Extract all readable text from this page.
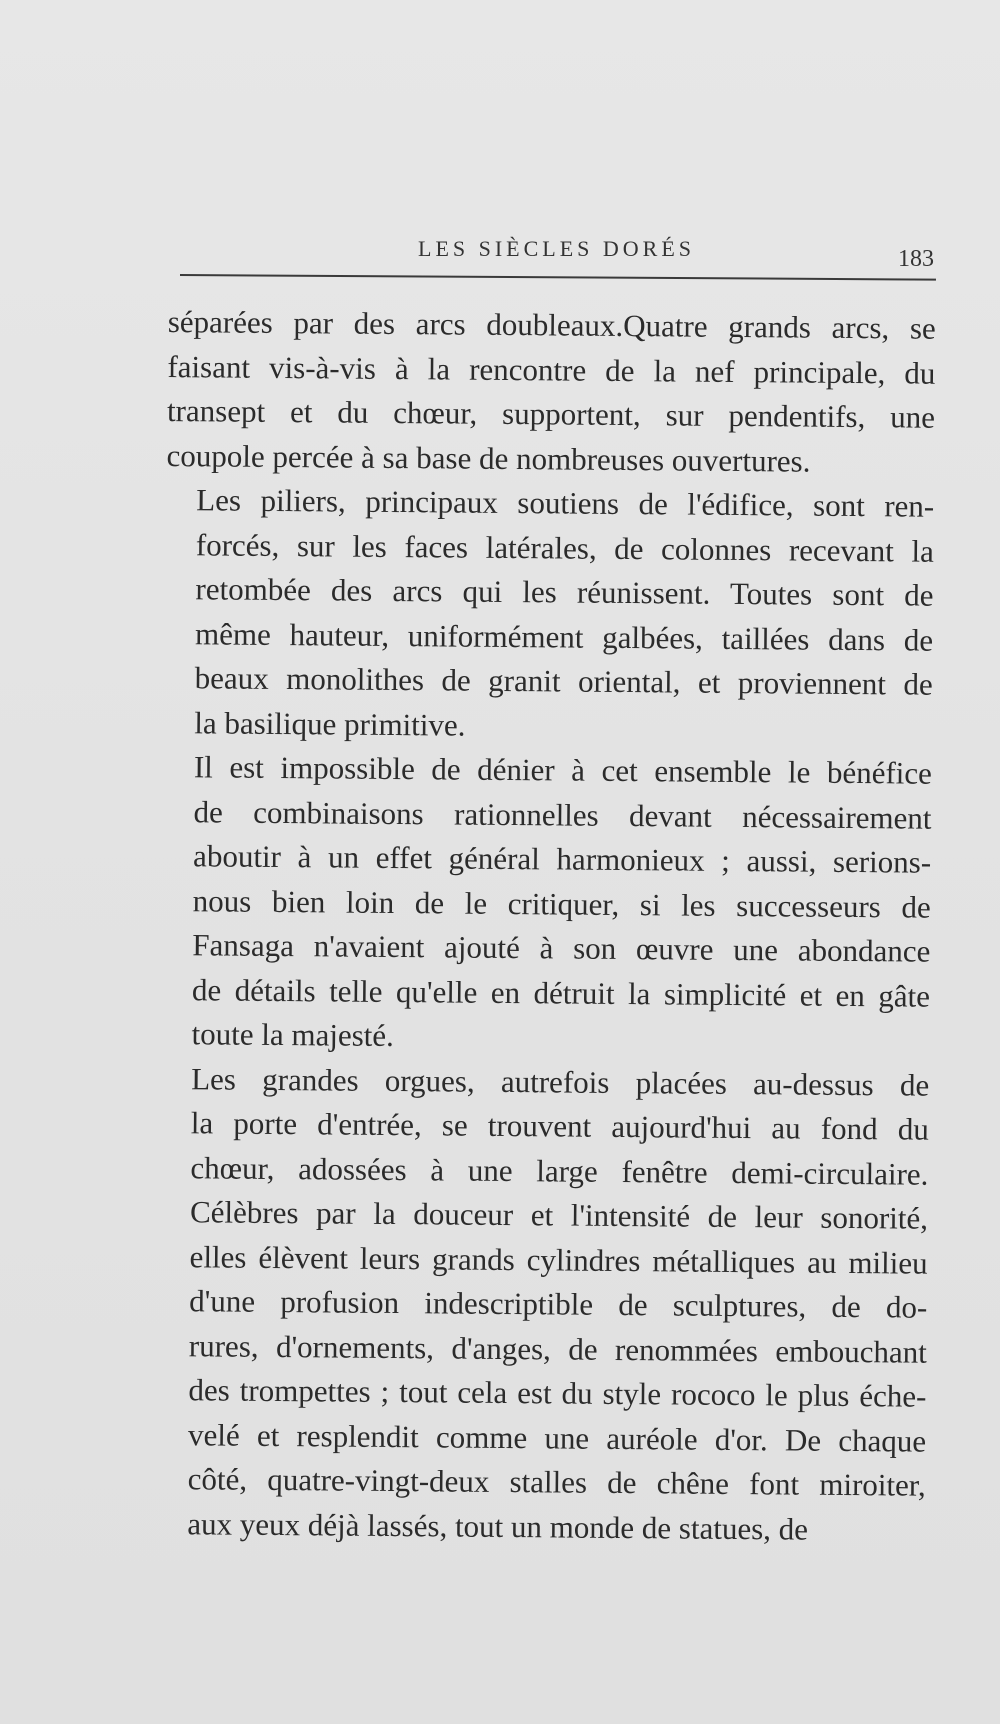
LES SIÈCLES DORÉS	183
séparées par des arcs doubleaux.Quatre grands arcs, se
faisant vis-à-vis à la rencontre de la nef principale, du
transept et du chœur, supportent, sur pendentifs, une
coupole percée à sa base de nombreuses ouvertures.
Les piliers, principaux soutiens de l'édifice, sont ren-
forcés, sur les faces latérales, de colonnes recevant la
retombée des arcs qui les réunissent. Toutes sont de
même hauteur, uniformément galbées, taillées dans de
beaux monolithes de granit oriental, et proviennent de
la basilique primitive.
Il est impossible de dénier à cet ensemble le bénéfice
de combinaisons rationnelles devant nécessairement
aboutir à un effet général harmonieux ; aussi, serions-
nous bien loin de le critiquer, si les successeurs de
Fansaga n'avaient ajouté à son œuvre une abondance
de détails telle qu'elle en détruit la simplicité et en gâte
toute la majesté.
Les grandes orgues, autrefois placées au-dessus de
la porte d'entrée, se trouvent aujourd'hui au fond du
chœur, adossées à une large fenêtre demi-circulaire.
Célèbres par la douceur et l'intensité de leur sonorité,
elles élèvent leurs grands cylindres métalliques au milieu
d'une profusion indescriptible de sculptures, de do-
rures, d'ornements, d'anges, de renommées embouchant
des trompettes ; tout cela est du style rococo le plus éche-
velé et resplendit comme une auréole d'or. De chaque
côté, quatre-vingt-deux stalles de chêne font miroiter,
aux yeux déjà lassés, tout un monde de statues, de
